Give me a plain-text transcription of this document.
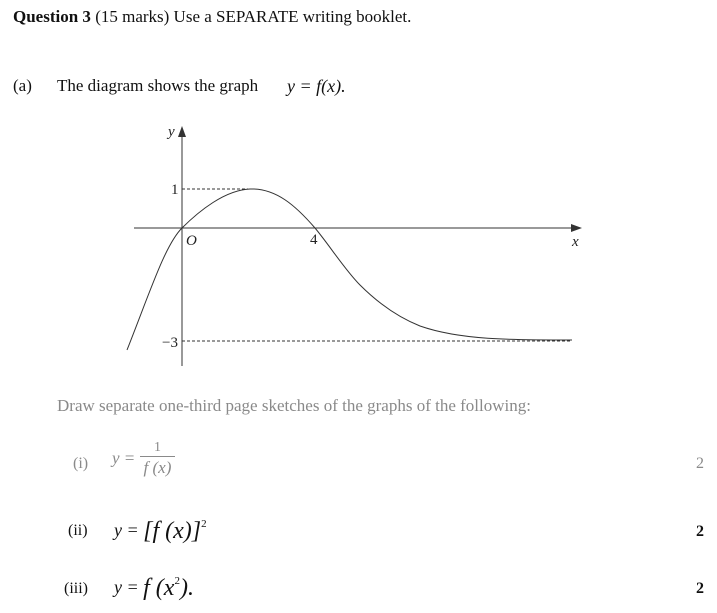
Question 3 (15 marks) Use a SEPARATE writing booklet.
(a) The diagram shows the graph y = f(x).
y
x
O
1
−3
4
Draw separate one-third page sketches of the graphs of the following:
(i) $y = \frac{1}{f (x)}$	2
(ii) y = [f (x)]$^2$	2
(iii) y = f $(x^2)$.	2
